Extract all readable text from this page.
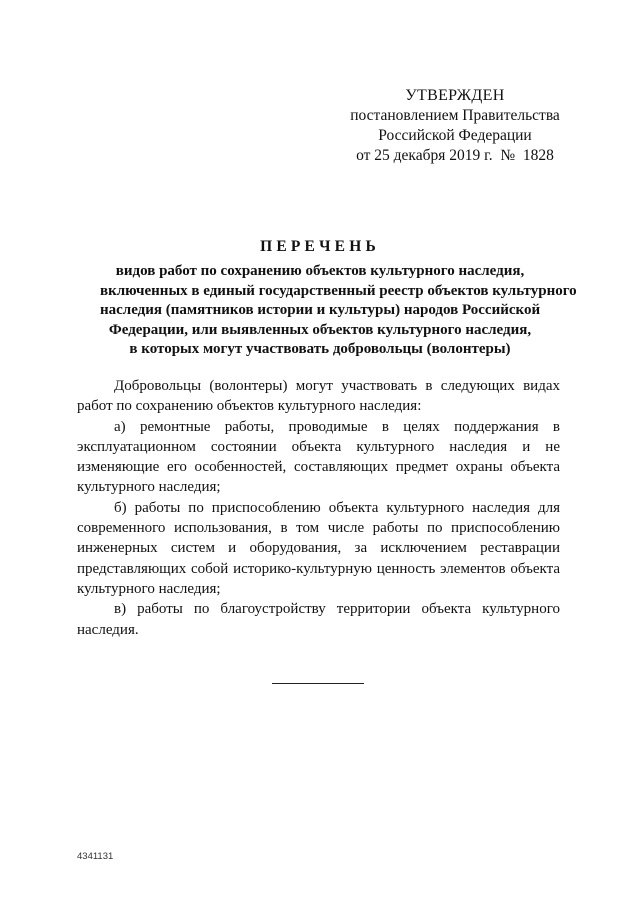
УТВЕРЖДЕН
постановлением Правительства
Российской Федерации
от 25 декабря 2019 г.  №  1828
ПЕРЕЧЕНЬ
видов работ по сохранению объектов культурного наследия,
включенных в единый государственный реестр объектов культурного
наследия (памятников истории и культуры) народов Российской
Федерации, или выявленных объектов культурного наследия,
в которых могут участвовать добровольцы (волонтеры)

Добровольцы (волонтеры) могут участвовать в следующих видах работ по сохранению объектов культурного наследия:

а) ремонтные работы, проводимые в целях поддержания в эксплуатационном состоянии объекта культурного наследия и не изменяющие его особенностей, составляющих предмет охраны объекта культурного наследия;

б) работы по приспособлению объекта культурного наследия для современного использования, в том числе работы по приспособлению инженерных систем и оборудования, за исключением реставрации представляющих собой историко-культурную ценность элементов объекта культурного наследия;

в) работы по благоустройству территории объекта культурного наследия.

4341131
